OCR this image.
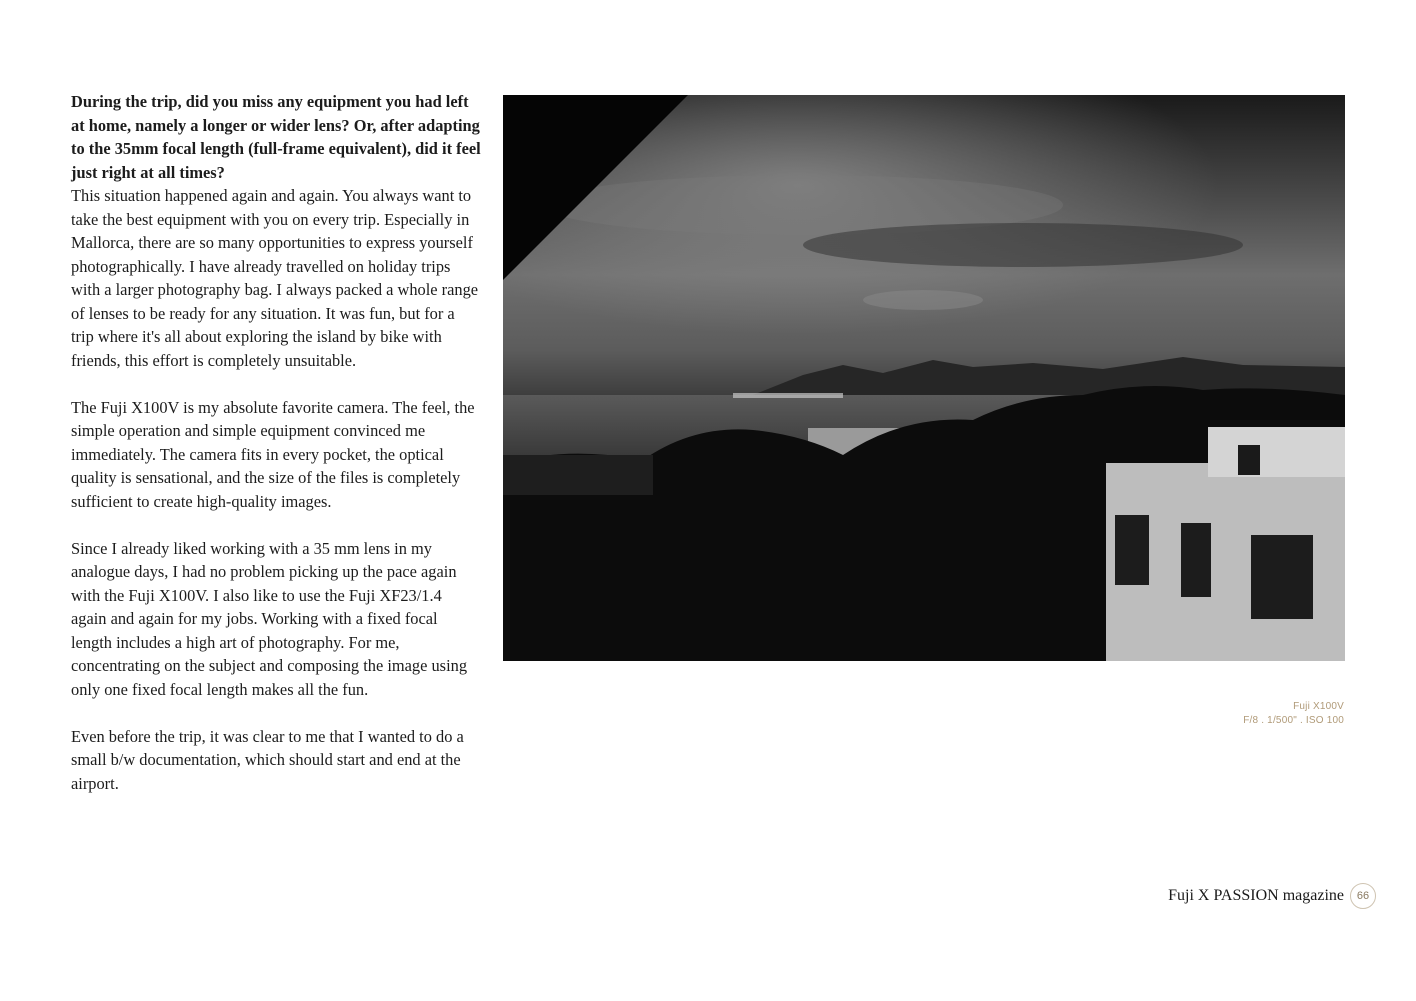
During the trip, did you miss any equipment you had left at home, namely a longer or wider lens? Or, after adapting to the 35mm focal length (full-frame equivalent), did it feel just right at all times?
This situation happened again and again. You always want to take the best equipment with you on every trip. Especially in Mallorca, there are so many opportunities to express yourself photographically. I have already travelled on holiday trips with a larger photography bag. I always packed a whole range of lenses to be ready for any situation. It was fun, but for a trip where it's all about exploring the island by bike with friends, this effort is completely unsuitable.

The Fuji X100V is my absolute favorite camera. The feel, the simple operation and simple equipment convinced me immediately. The camera fits in every pocket, the optical quality is sensational, and the size of the files is completely sufficient to create high-quality images.

Since I already liked working with a 35 mm lens in my analogue days, I had no problem picking up the pace again with the Fuji X100V. I also like to use the Fuji XF23/1.4 again and again for my jobs. Working with a fixed focal length includes a high art of photography. For me, concentrating on the subject and composing the image using only one fixed focal length makes all the fun.

Even before the trip, it was clear to me that I wanted to do a small b/w documentation, which should start and end at the airport.

Fuji X100V
F/8 . 1/500" . ISO 100
Fuji X PASSION magazine	66
